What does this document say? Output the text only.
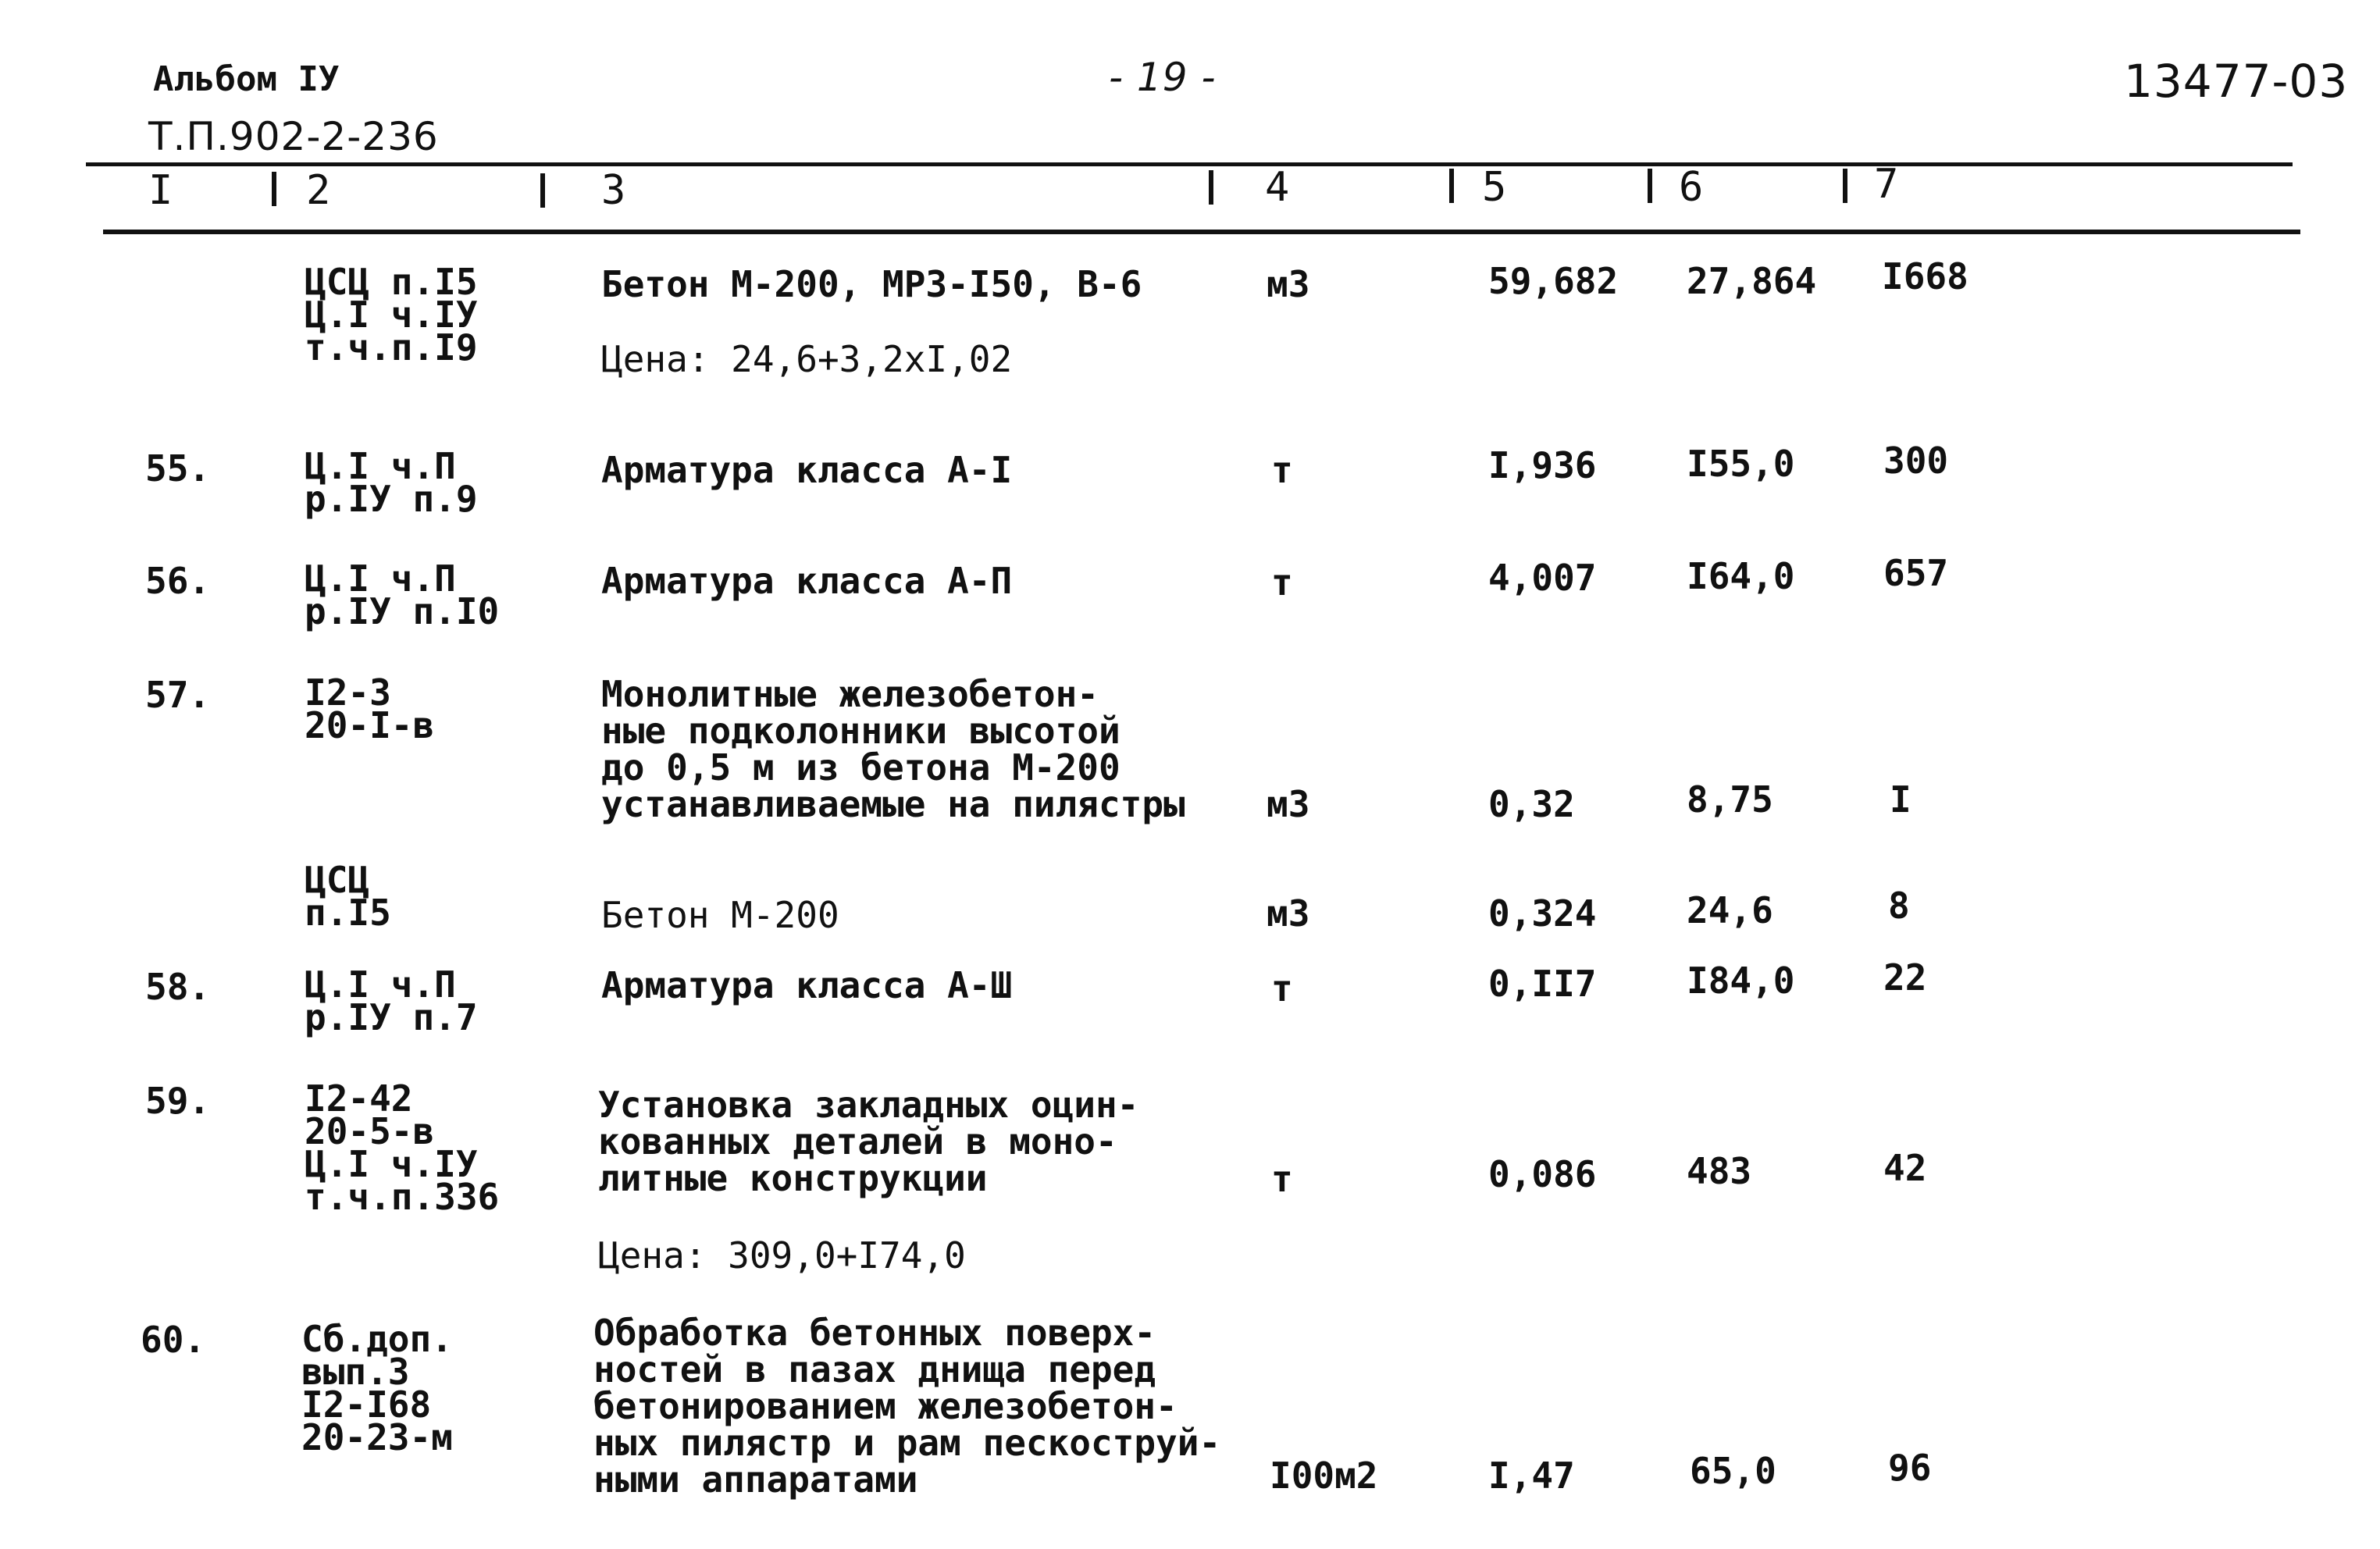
Альбом IУ
Т.П.902-2-236
- 19 -	13477-03
I	2	3	4	5	6	7
ЦСЦ п.I5
Ц.I ч.IУ
т.ч.п.I9
Бетон М-200, МРЗ-I50, В-6
Цена: 24,6+3,2хI,02
м3	59,682 27,864 I668
55.	Ц.I ч.П
р.IУ п.9
Арматура класса А-I	т	I,936	I55,0 300
56.	Ц.I ч.П
р.IУ п.I0
Арматура класса А-П	т	4,007	I64,0 657
57.	I2-3
20-I-в
Монолитные железобетон-
ные подколонники высотой
до 0,5 м из бетона М-200
устанавливаемые на пилястры м3	0,32	8,75	I
ЦСЦ
п.I5	Бетон М-200	м3	0,324	24,6	8
58.	Ц.I ч.П
р.IУ п.7
Арматура класса А-Ш	т	0,II7	I84,0 22
59.	I2-42
20-5-в
Ц.I ч.IУ
т.ч.п.336
Установка закладных оцин-
кованных деталей в моно-
литные конструкции
Цена: 309,0+I74,0
т	0,086	483	42
60.	Сб.доп.
вып.3
I2-I68
20-23-м
Обработка бетонных поверх-
ностей в пазах днища перед
бетонированием железобетон-
ных пилястр и рам пескоструй-
ными аппаратами	I00м2	I,47	65,0	96
